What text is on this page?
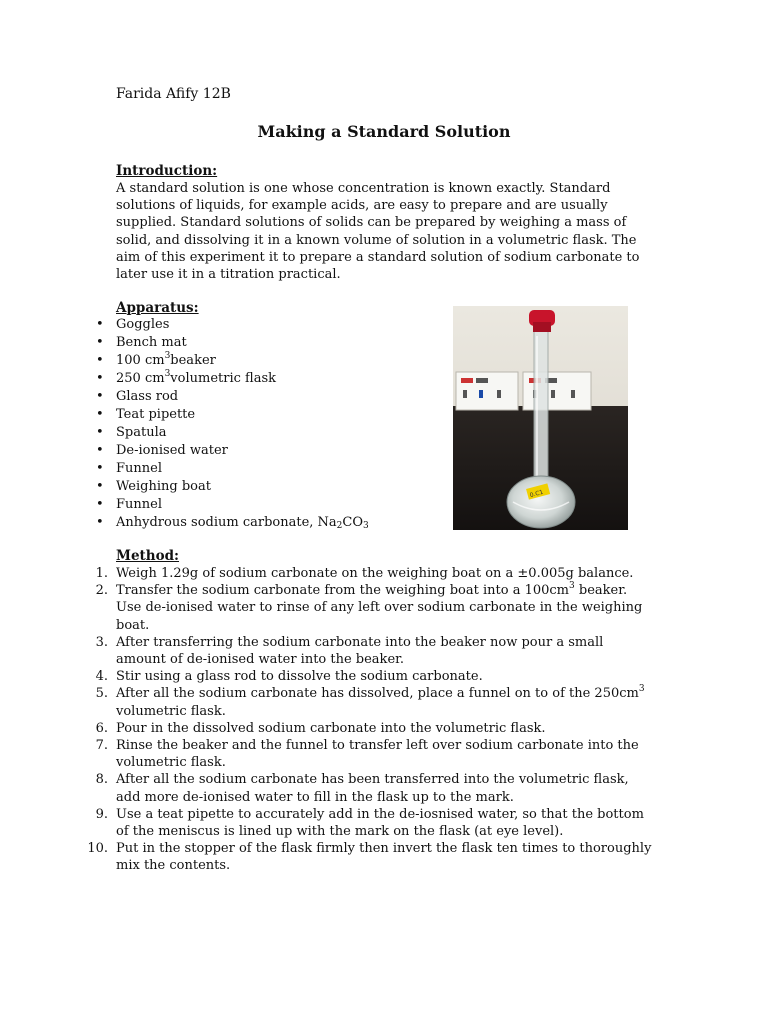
Farida Afify 12B
Making a Standard Solution
Introduction:
A standard solution is one whose concentration is known exactly. Standard solutions of liquids, for example acids, are easy to prepare and are usually supplied. Standard solutions of solids can be prepared by weighing a mass of solid, and dissolving it in a known volume of solution in a volumetric flask. The aim of this experiment it to prepare a standard solution of sodium carbonate to later use it in a titration practical.
Apparatus:
• Goggles
• Bench mat
• 100 $cm^3beaker$
• 250 $cm^3volumetric$ flask
• Glass rod
• Teat pipette
• Spatula
• De-ionised water
• Funnel
• Weighing boat
• Funnel
• Anhydrous sodium carbonate, $Na_2CO_3$
0.C1
Method:
1. Weigh 1.29g of sodium carbonate on the weighing boat on a ±0.005g balance.
2. Transfer the sodium carbonate from the weighing boat into a $100cm^3$ beaker. Use de-ionised water to rinse of any left over sodium carbonate in the weighing boat.
3. After transferring the sodium carbonate into the beaker now pour a small amount of de-ionised water into the beaker.
4. Stir using a glass rod to dissolve the sodium carbonate.
5. After all the sodium carbonate has dissolved, place a funnel on to of the $250cm^3$ volumetric flask.
6. Pour in the dissolved sodium carbonate into the volumetric flask.
7. Rinse the beaker and the funnel to transfer left over sodium carbonate into the volumetric flask.
8. After all the sodium carbonate has been transferred into the volumetric flask, add more de-ionised water to fill in the flask up to the mark.
9. Use a teat pipette to accurately add in the de-iosnised water, so that the bottom of the meniscus is lined up with the mark on the flask (at eye level).
10. Put in the stopper of the flask firmly then invert the flask ten times to thoroughly mix the contents.
